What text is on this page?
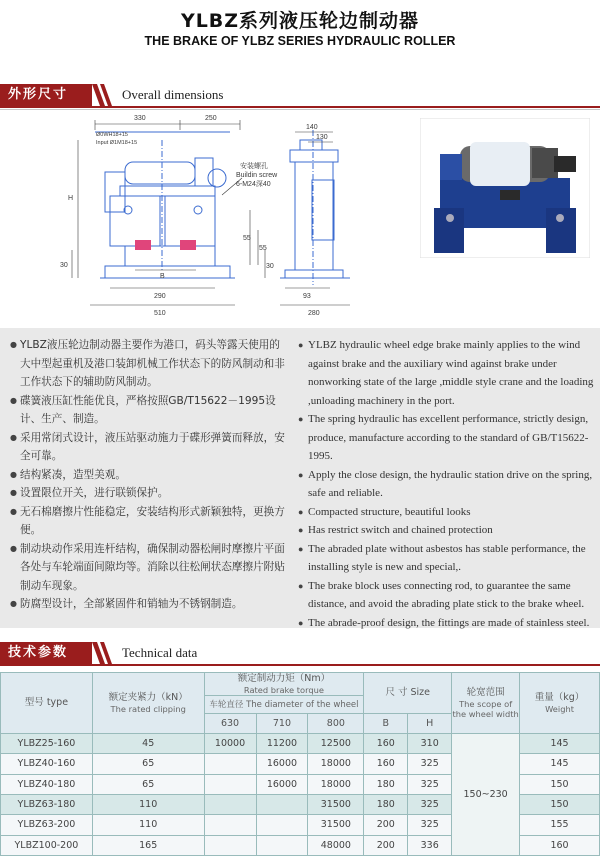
YLBZ系列液压轮边制动器
THE BRAKE OF YLBZ SERIES HYDRAULIC ROLLER
外形尺寸	Overall dimensions
330	250
140
130
Ø0WH18+15
Input Ø1M18+15
安装螺孔
Buildin screw
6-M24深40
H
30
55
55
30
B
290
510
93
280
● YLBZ液压轮边制动器主要作为港口，码头等露天使用的大中型起重机及港口装卸机械工作状态下的防风制动和非工作状态下的辅助防风制动。
● 碟簧液压缸性能优良，严格按照GB/T15622－1995设计、生产、制造。
● 采用常闭式设计，液压站驱动施力于碟形弹簧而释放，安全可靠。
● 结构紧凑，造型美观。
● 设置限位开关，进行联锁保护。
● 无石棉磨擦片性能稳定，安装结构形式新颖独特，更换方便。
● 制动块动作采用连杆结构，确保制动器松闸时摩擦片平面各处与车轮端面间隙均等。消除以往松闸状态摩擦片附贴制动车现象。
● 防腐型设计，全部紧固件和销轴为不锈钢制造。
● YLBZ hydraulic wheel edge brake mainly applies to the wind against brake and the auxiliary wind against brake under nonworking state of the large ,middle style crane and the loading ,unloading machinery in the port.
● The spring hydraulic has excellent performance, strictly design, produce, manufacture according to the standard of GB/T15622-1995.
● Apply the close design, the hydraulic station drive on the spring, safe and reliable.
● Compacted structure, beautiful looks
● Has restrict switch and chained protection
● The abraded plate without asbestos has stable performance, the installing style is new and special,.
● The brake block uses connecting rod, to guarantee the same distance, and avoid the abrading plate stick to the brake wheel.
● The abrade-proof design, the fittings are made of stainless steel.
技术参数	Technical data
型号 type	额定夹紧力（kN）
The rated clipping	额定制动力矩（Nm）
Rated brake torque			尺 寸 Size		轮宽范围
The scope of the wheel width	重量（kg）
Weight

		车轮直径 The diameter of the wheel						

		630	710	800	B	H		
YLBZ25-160	45	10000	11200	12500	160	310	150~230	145
YLBZ40-160	65		16000	18000	160	325		145
YLBZ40-180	65		16000	18000	180	325		150
YLBZ63-180	110			31500	180	325		150
YLBZ63-200	110			31500	200	325		155
YLBZ100-200	165			48000	200	336		160
